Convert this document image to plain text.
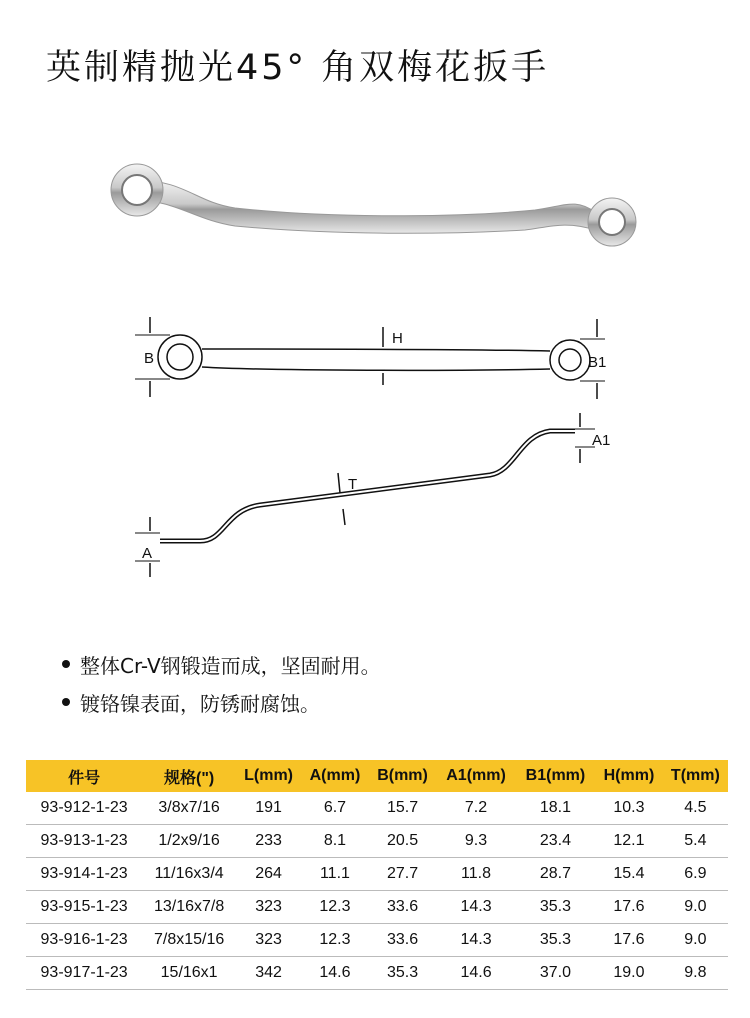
英制精抛光45° 角双梅花扳手
B
H
B1
A1
T
A
整体Cr-V钢锻造而成，坚固耐用。
镀铬镍表面，防锈耐腐蚀。
件号	规格(")	L(mm)	A(mm)	B(mm)	A1(mm)	B1(mm)	H(mm)	T(mm)
93-912-1-23	3/8x7/16	191	6.7	15.7	7.2	18.1	10.3	4.5
93-913-1-23	1/2x9/16	233	8.1	20.5	9.3	23.4	12.1	5.4
93-914-1-23	11/16x3/4	264	11.1	27.7	11.8	28.7	15.4	6.9
93-915-1-23	13/16x7/8	323	12.3	33.6	14.3	35.3	17.6	9.0
93-916-1-23	7/8x15/16	323	12.3	33.6	14.3	35.3	17.6	9.0
93-917-1-23	15/16x1	342	14.6	35.3	14.6	37.0	19.0	9.8
